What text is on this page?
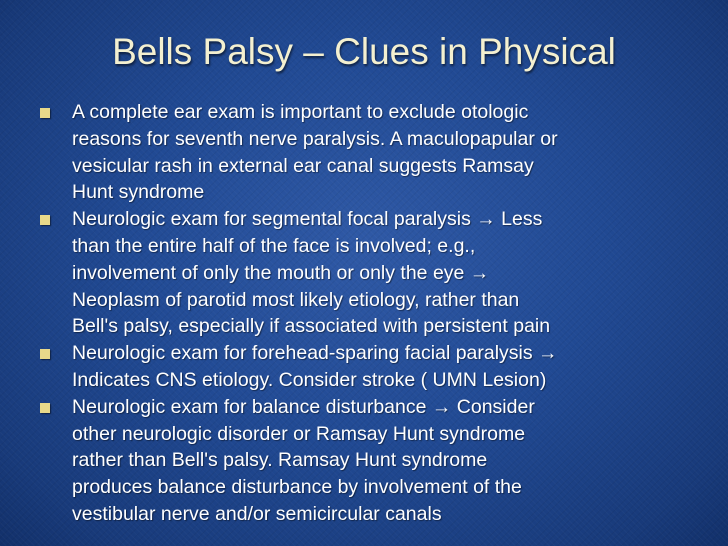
Bells Palsy – Clues in Physical
A complete ear exam is important to exclude otologic
reasons for seventh nerve paralysis. A maculopapular or
vesicular rash in external ear canal suggests Ramsay
Hunt syndrome
Neurologic exam for segmental focal paralysis → Less
than the entire half of the face is involved; e.g.,
involvement of only the mouth or only the eye →
Neoplasm of parotid most likely etiology, rather than
Bell's palsy, especially if associated with persistent pain
Neurologic exam for forehead-sparing facial paralysis →
Indicates CNS etiology. Consider stroke ( UMN Lesion)
Neurologic exam for balance disturbance → Consider
other neurologic disorder or Ramsay Hunt syndrome
rather than Bell's palsy. Ramsay Hunt syndrome
produces balance disturbance by involvement of the
vestibular nerve and/or semicircular canals
